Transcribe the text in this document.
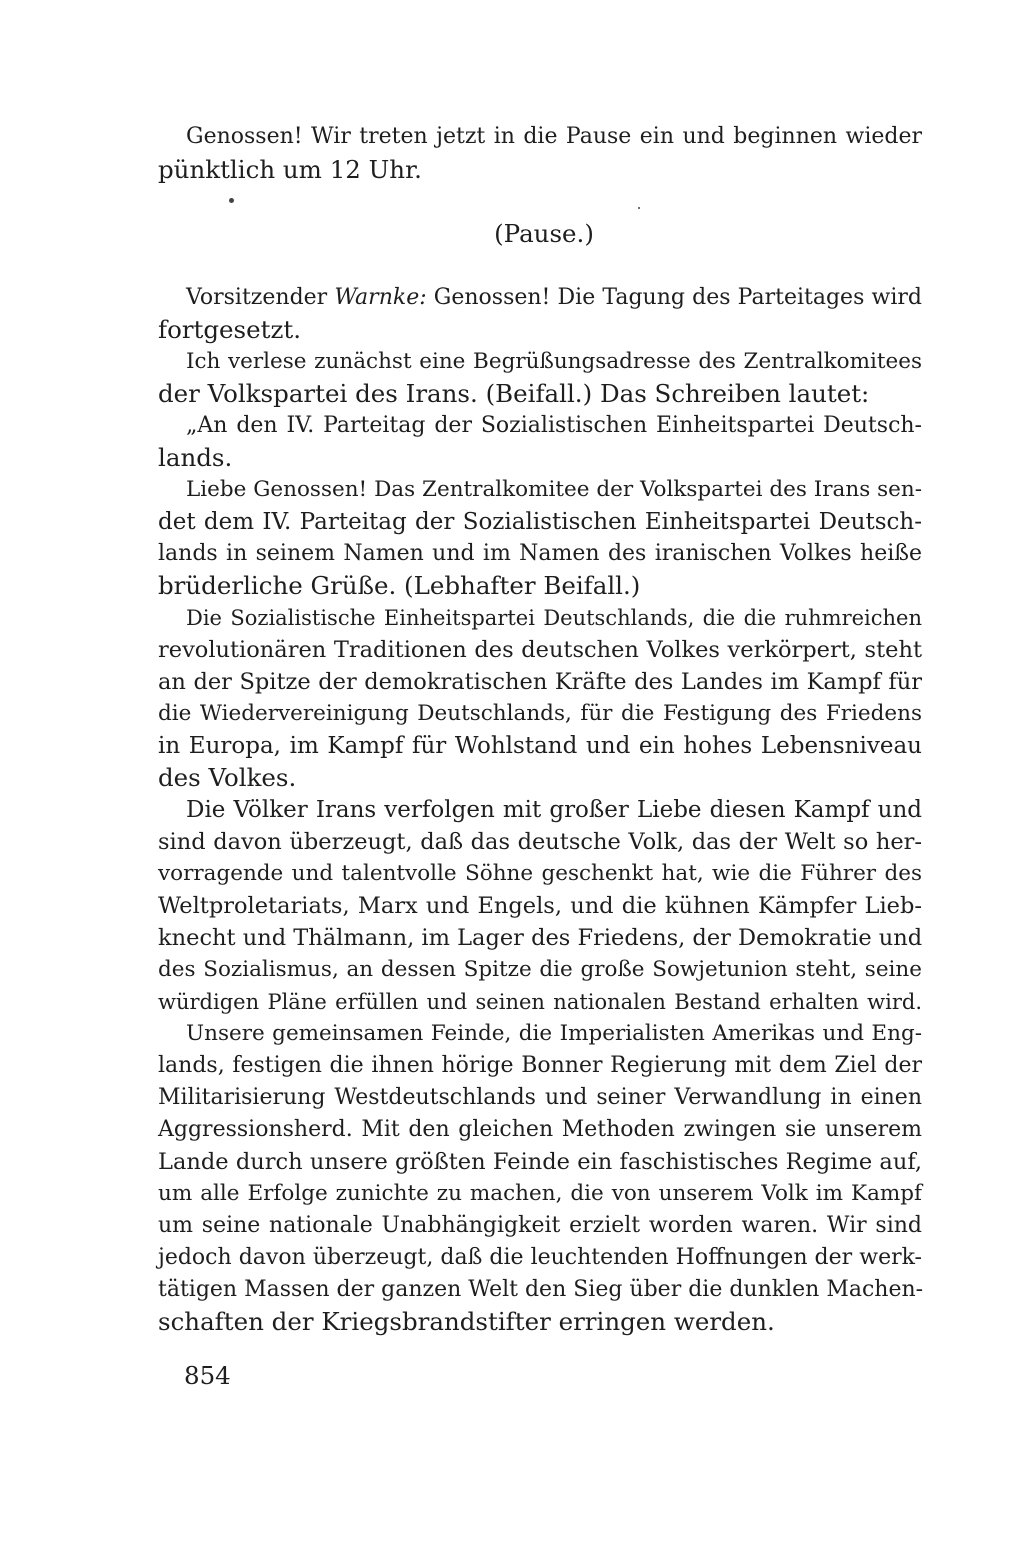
Genossen! Wir treten jetzt in die Pause ein und beginnen wieder
pünktlich um 12 Uhr.
(Pause.)
Vorsitzender Warnke: Genossen! Die Tagung des Parteitages wird
fortgesetzt.
Ich verlese zunächst eine Begrüßungsadresse des Zentralkomitees
der Volkspartei des Irans. (Beifall.) Das Schreiben lautet:
„An den IV. Parteitag der Sozialistischen Einheitspartei Deutsch-
lands.
Liebe Genossen! Das Zentralkomitee der Volkspartei des Irans sen-
det dem IV. Parteitag der Sozialistischen Einheitspartei Deutsch-
lands in seinem Namen und im Namen des iranischen Volkes heiße
brüderliche Grüße. (Lebhafter Beifall.)
Die Sozialistische Einheitspartei Deutschlands, die die ruhmreichen
revolutionären Traditionen des deutschen Volkes verkörpert, steht
an der Spitze der demokratischen Kräfte des Landes im Kampf für
die Wiedervereinigung Deutschlands, für die Festigung des Friedens
in Europa, im Kampf für Wohlstand und ein hohes Lebensniveau
des Volkes.
Die Völker Irans verfolgen mit großer Liebe diesen Kampf und
sind davon überzeugt, daß das deutsche Volk, das der Welt so her-
vorragende und talentvolle Söhne geschenkt hat, wie die Führer des
Weltproletariats, Marx und Engels, und die kühnen Kämpfer Lieb-
knecht und Thälmann, im Lager des Friedens, der Demokratie und
des Sozialismus, an dessen Spitze die große Sowjetunion steht, seine
würdigen Pläne erfüllen und seinen nationalen Bestand erhalten wird.
Unsere gemeinsamen Feinde, die Imperialisten Amerikas und Eng-
lands, festigen die ihnen hörige Bonner Regierung mit dem Ziel der
Militarisierung Westdeutschlands und seiner Verwandlung in einen
Aggressionsherd. Mit den gleichen Methoden zwingen sie unserem
Lande durch unsere größten Feinde ein faschistisches Regime auf,
um alle Erfolge zunichte zu machen, die von unserem Volk im Kampf
um seine nationale Unabhängigkeit erzielt worden waren. Wir sind
jedoch davon überzeugt, daß die leuchtenden Hoffnungen der werk-
tätigen Massen der ganzen Welt den Sieg über die dunklen Machen-
schaften der Kriegsbrandstifter erringen werden.
854
